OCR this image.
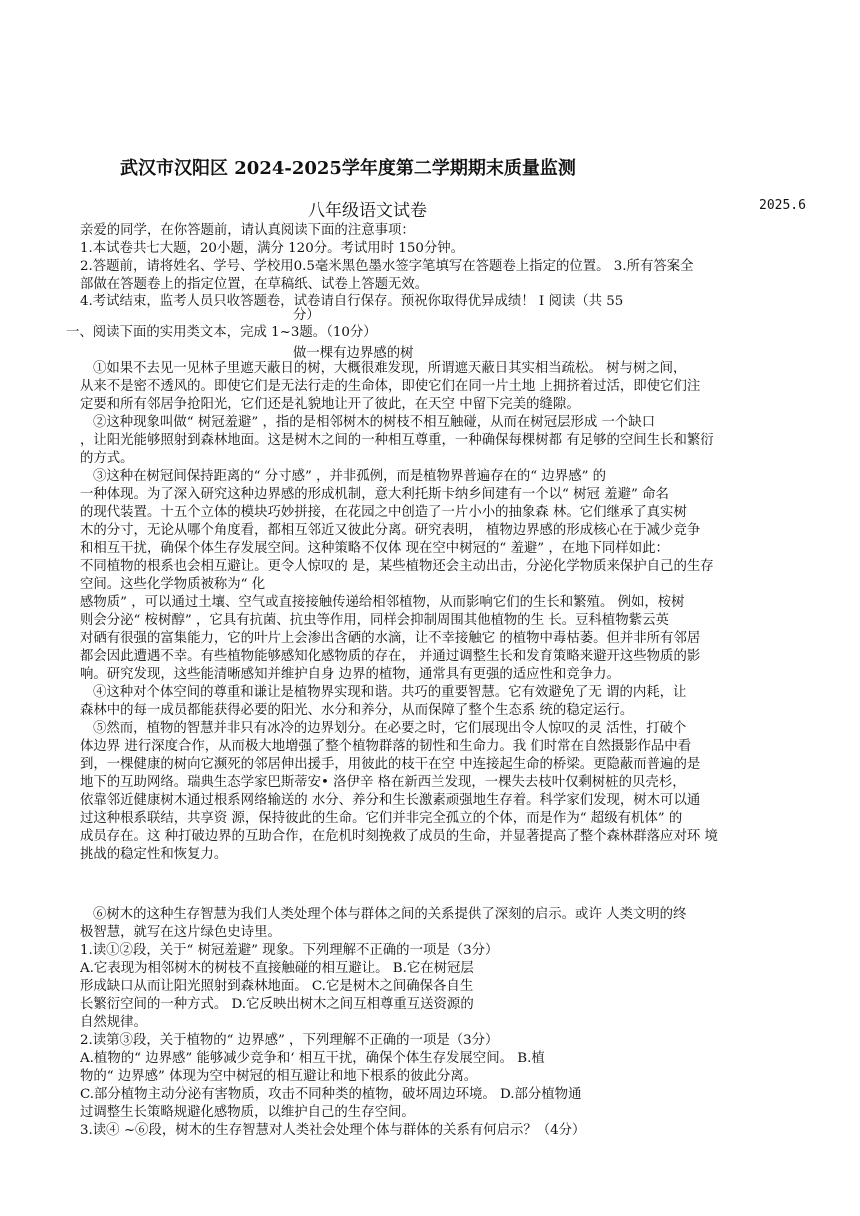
武汉市汉阳区 2024-2025学年度第二学期期末质量监测
八年级语文试卷	2025.6
亲爱的同学，在你答题前，请认真阅读下面的注意事项：
1.本试卷共七大题，20小题，满分 120分。考试用时 150分钟。
2.答题前，请将姓名、学号、学校用0.5毫米黑色墨水签字笔填写在答题卷上指定的位置。 3.所有答案全
部做在答题卷上的指定位置，在草稿纸、试卷上答题无效。
4.考试结束，监考人员只收答题卷，试卷请自行保存。预祝你取得优异成绩！ Ⅰ 阅读（共 55
分）
一、阅读下面的实用类文本，完成 1~3题。（10分）
做一棵有边界感的树
①如果不去见一见林子里遮天蔽日的树，大概很难发现，所谓遮天蔽日其实相当疏松。 树与树之间，
从来不是密不透风的。即使它们是无法行走的生命体，即使它们在同一片土地 上拥挤着过活，即使它们注
定要和所有邻居争抢阳光，它们还是礼貌地让开了彼此，在天空 中留下完美的缝隙。
②这种现象叫做“ 树冠羞避” ，指的是相邻树木的树枝不相互触碰，从而在树冠层形成 一个缺口
，让阳光能够照射到森林地面。这是树木之间的一种相互尊重，一种确保每棵树都 有足够的空间生长和繁衍
的方式。
③这种在树冠间保持距离的“ 分寸感” ，并非孤例，而是植物界普遍存在的“ 边界感” 的
一种体现。为了深入研究这种边界感的形成机制，意大利托斯卡纳乡间建有一个以“ 树冠 羞避” 命名
的现代装置。十五个立体的模块巧妙拼接，在花园之中创造了一片小小的抽象森 林。它们继承了真实树
木的分寸，无论从哪个角度看，都相互邻近又彼此分离。研究表明， 植物边界感的形成核心在于减少竞争
和相互干扰，确保个体生存发展空间。这种策略不仅体 现在空中树冠的“ 羞避” ，在地下同样如此：
不同植物的根系也会相互避让。更令人惊叹的 是，某些植物还会主动出击，分泌化学物质来保护自己的生存
空间。这些化学物质被称为“ 化
感物质” ，可以通过土壤、空气或直接接触传递给相邻植物，从而影响它们的生长和繁殖。 例如，桉树
则会分泌“ 桉树醇” ，它具有抗菌、抗虫等作用，同样会抑制周围其他植物的生 长。豆科植物紫云英
对硒有很强的富集能力，它的叶片上会渗出含硒的水滴，让不幸接触它 的植物中毒枯萎。但并非所有邻居
都会因此遭遇不幸。有些植物能够感知化感物质的存在， 并通过调整生长和发育策略来避开这些物质的影
响。研究发现，这些能清晰感知并维护自身 边界的植物，通常具有更强的适应性和竞争力。
④这种对个体空间的尊重和谦让是植物界实现和谐。共巧的重要智慧。它有效避免了无 谓的内耗，让
森林中的每一成员都能获得必要的阳光、水分和养分，从而保障了整个生态系 统的稳定运行。
⑤然而，植物的智慧并非只有冰冷的边界划分。在必要之时，它们展现出令人惊叹的灵 活性，打破个
体边界 进行深度合作，从而极大地增强了整个植物群落的韧性和生命力。我 们时常在自然摄影作品中看
到，一棵健康的树向它濒死的邻居伸出援手，用彼此的枝干在空 中连接起生命的桥梁。更隐蔽而普遍的是
地下的互助网络。瑞典生态学家巴斯蒂安• 洛伊辛 格在新西兰发现，一棵失去枝叶仅剩树桩的贝壳杉，
依靠邻近健康树木通过根系网络输送的 水分、养分和生长激素顽强地生存着。科学家们发现，树木可以通
过这种根系联结，共享资 源，保持彼此的生命。它们并非完全孤立的个体，而是作为“ 超级有机体” 的
成员存在。这 种打破边界的互助合作，在危机时刻挽救了成员的生命，并显著提高了整个森林群落应对环 境
挑战的稳定性和恢复力。
⑥树木的这种生存智慧为我们人类处理个体与群体之间的关系提供了深刻的启示。或许 人类文明的终
极智慧，就写在这片绿色史诗里。
1.读①②段，关于“ 树冠羞避” 现象。下列理解不正确的一项是（3分）
A.它表现为相邻树木的树枝不直接触碰的相互避让。 B.它在树冠层
形成缺口从而让阳光照射到森林地面。 C.它是树木之间确保各自生
长繁衍空间的一种方式。 D.它反映出树木之间互相尊重互送资源的
自然规律。
2.读第③段，关于植物的“ 边界感” ，下列理解不正确的一项是（3分）
A.植物的“ 边界感” 能够减少竞争和‘ 相互干扰，确保个体生存发展空间。 B.植
物的“ 边界感” 体现为空中树冠的相互避让和地下根系的彼此分离。
C.部分植物主动分泌有害物质，攻击不同种类的植物，破坏周边环境。 D.部分植物通
过调整生长策略规避化感物质，以维护自己的生存空间。
3.读④ ~⑥段，树木的生存智慧对人类社会处理个体与群体的关系有何启示？（4分）
